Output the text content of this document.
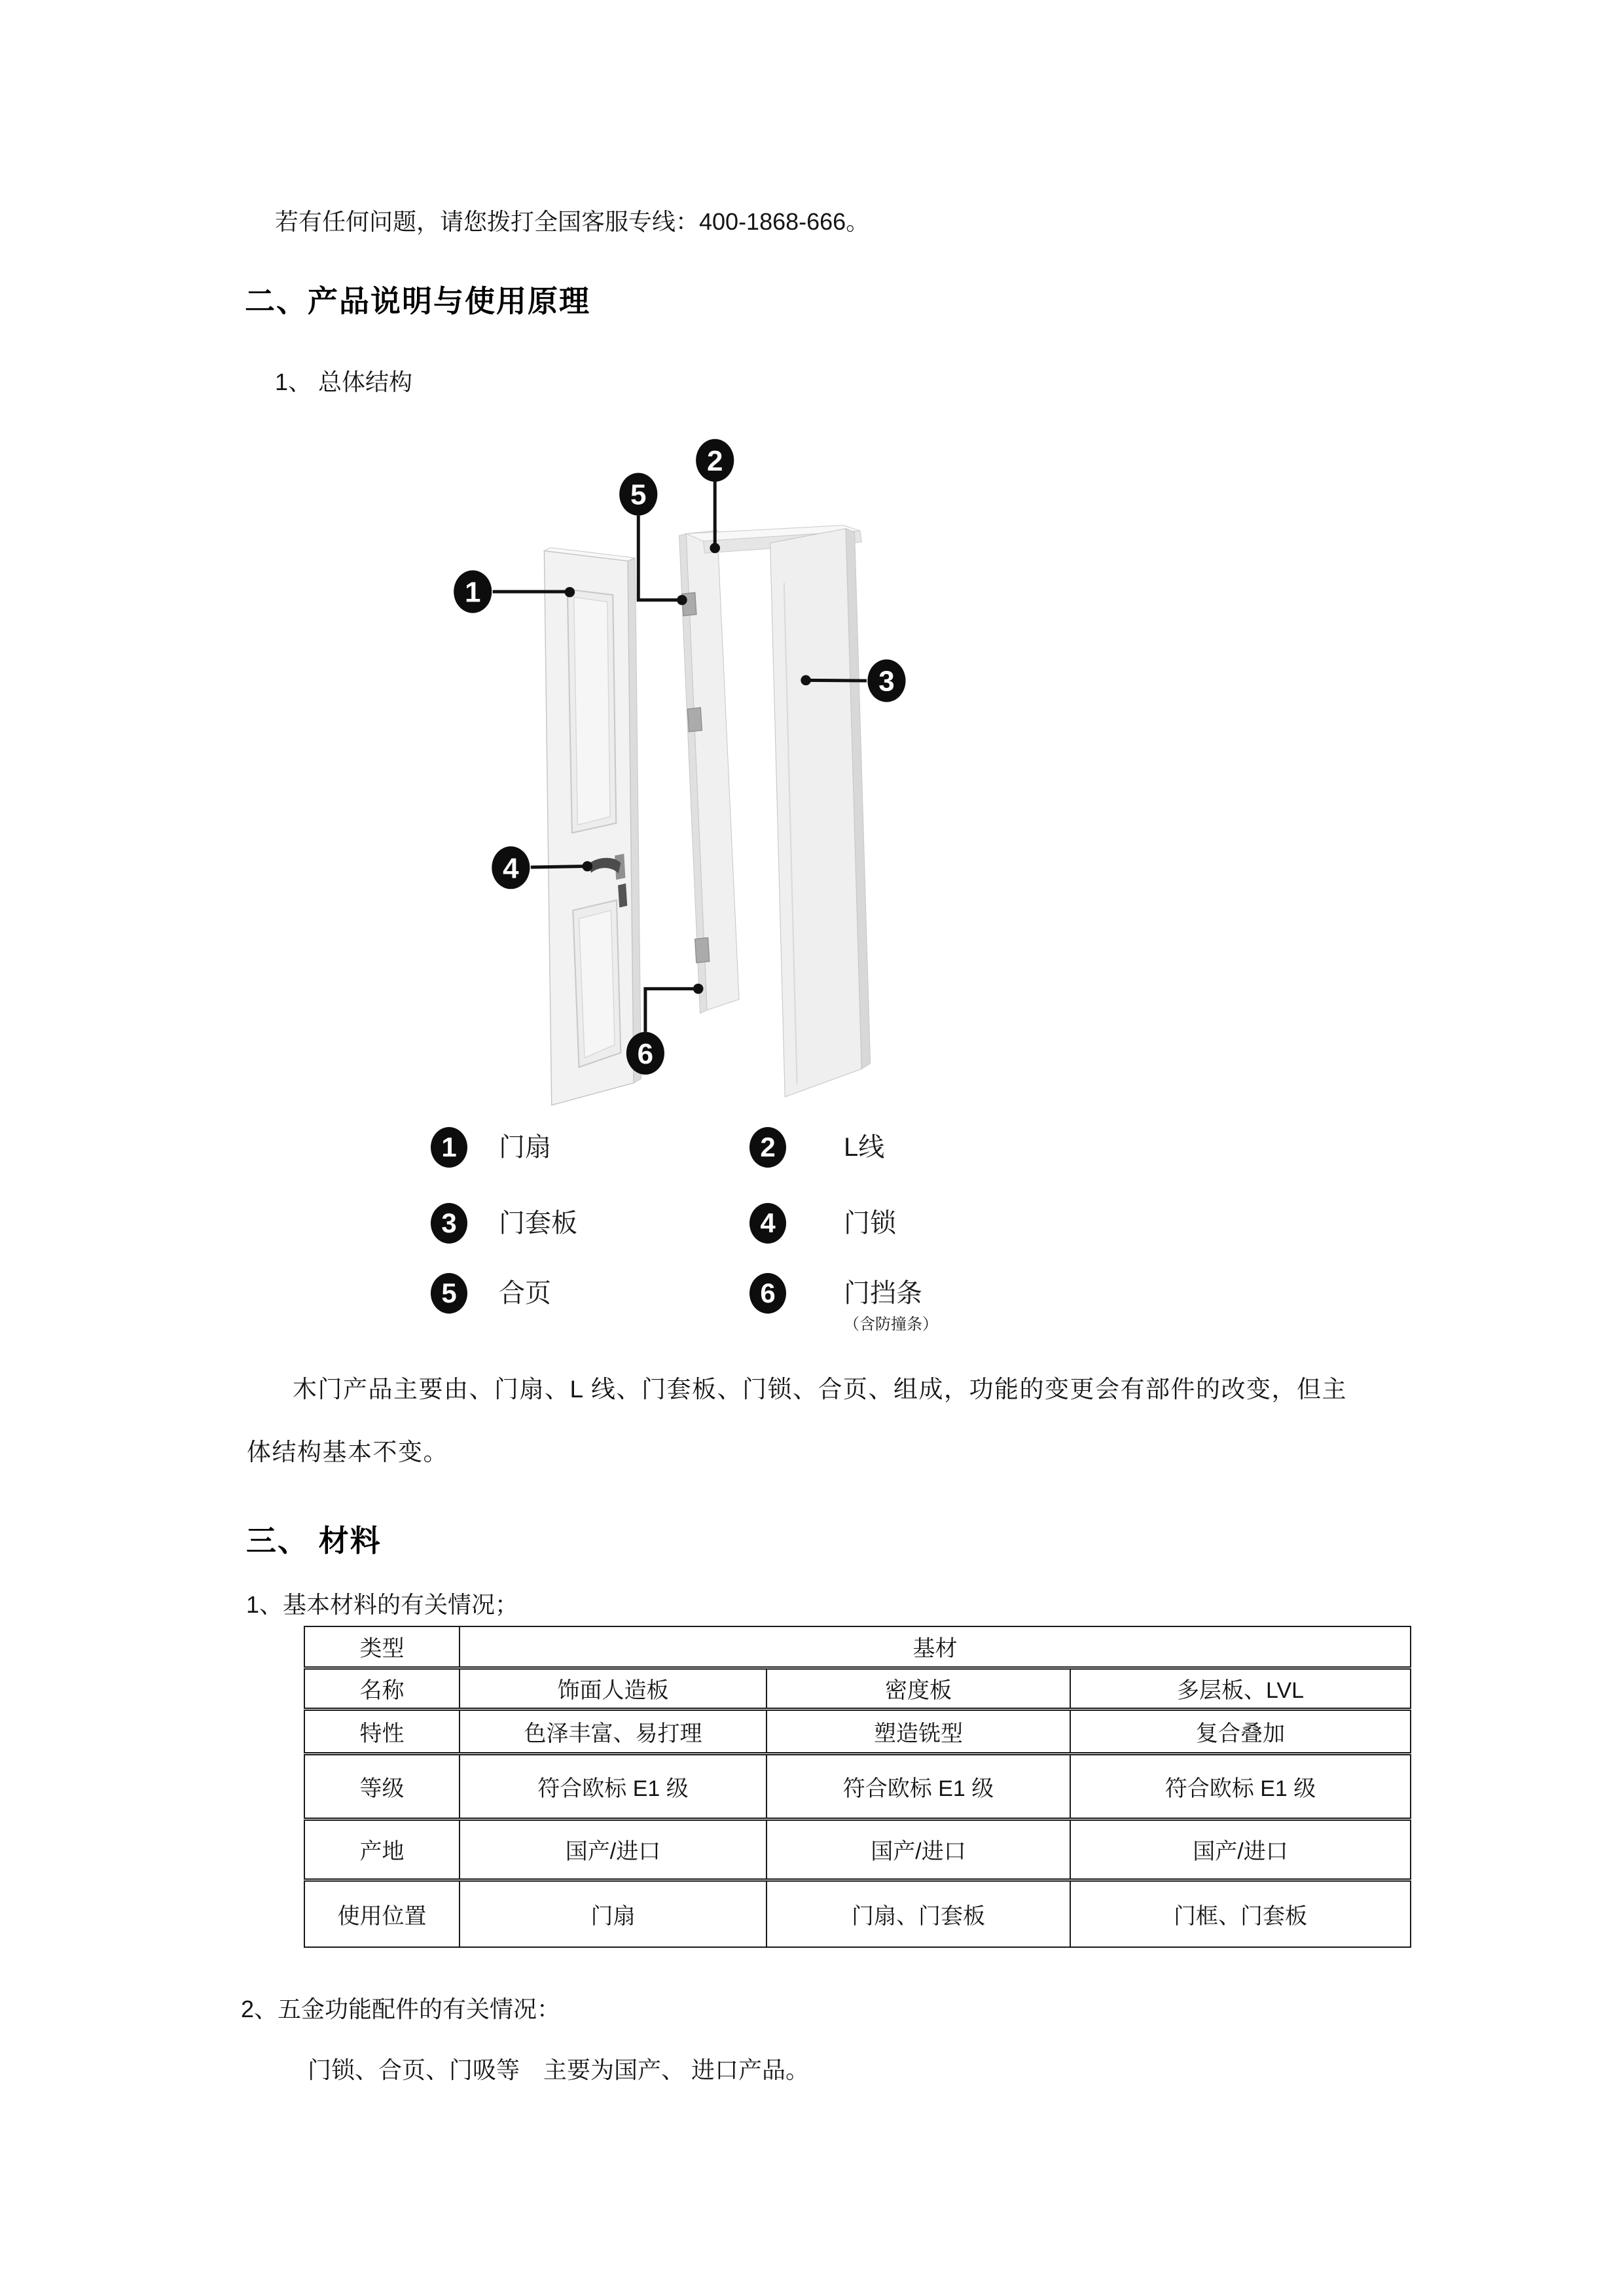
若有任何问题，请您拨打全国客服专线：400-1868-666。
二、产品说明与使用原理
1、 总体结构
1
2
3
4
5
6
1 门扇	2	L线
3 门套板	4	门锁
5 合页	6	门挡条
（含防撞条）
木门产品主要由、门扇、L 线、门套板、门锁、合页、组成，功能的变更会有部件的改变，但主
体结构基本不变。
三、 材料
1、基本材料的有关情况；
类型	基材		
名称	饰面人造板	密度板	多层板、LVL
特性	色泽丰富、易打理	塑造铣型	复合叠加
等级	符合欧标 E1 级	符合欧标 E1 级	符合欧标 E1 级
产地	国产/进口	国产/进口	国产/进口
使用位置	门扇	门扇、门套板	门框、门套板
2、五金功能配件的有关情况：
门锁、合页、门吸等　主要为国产、 进口产品。
